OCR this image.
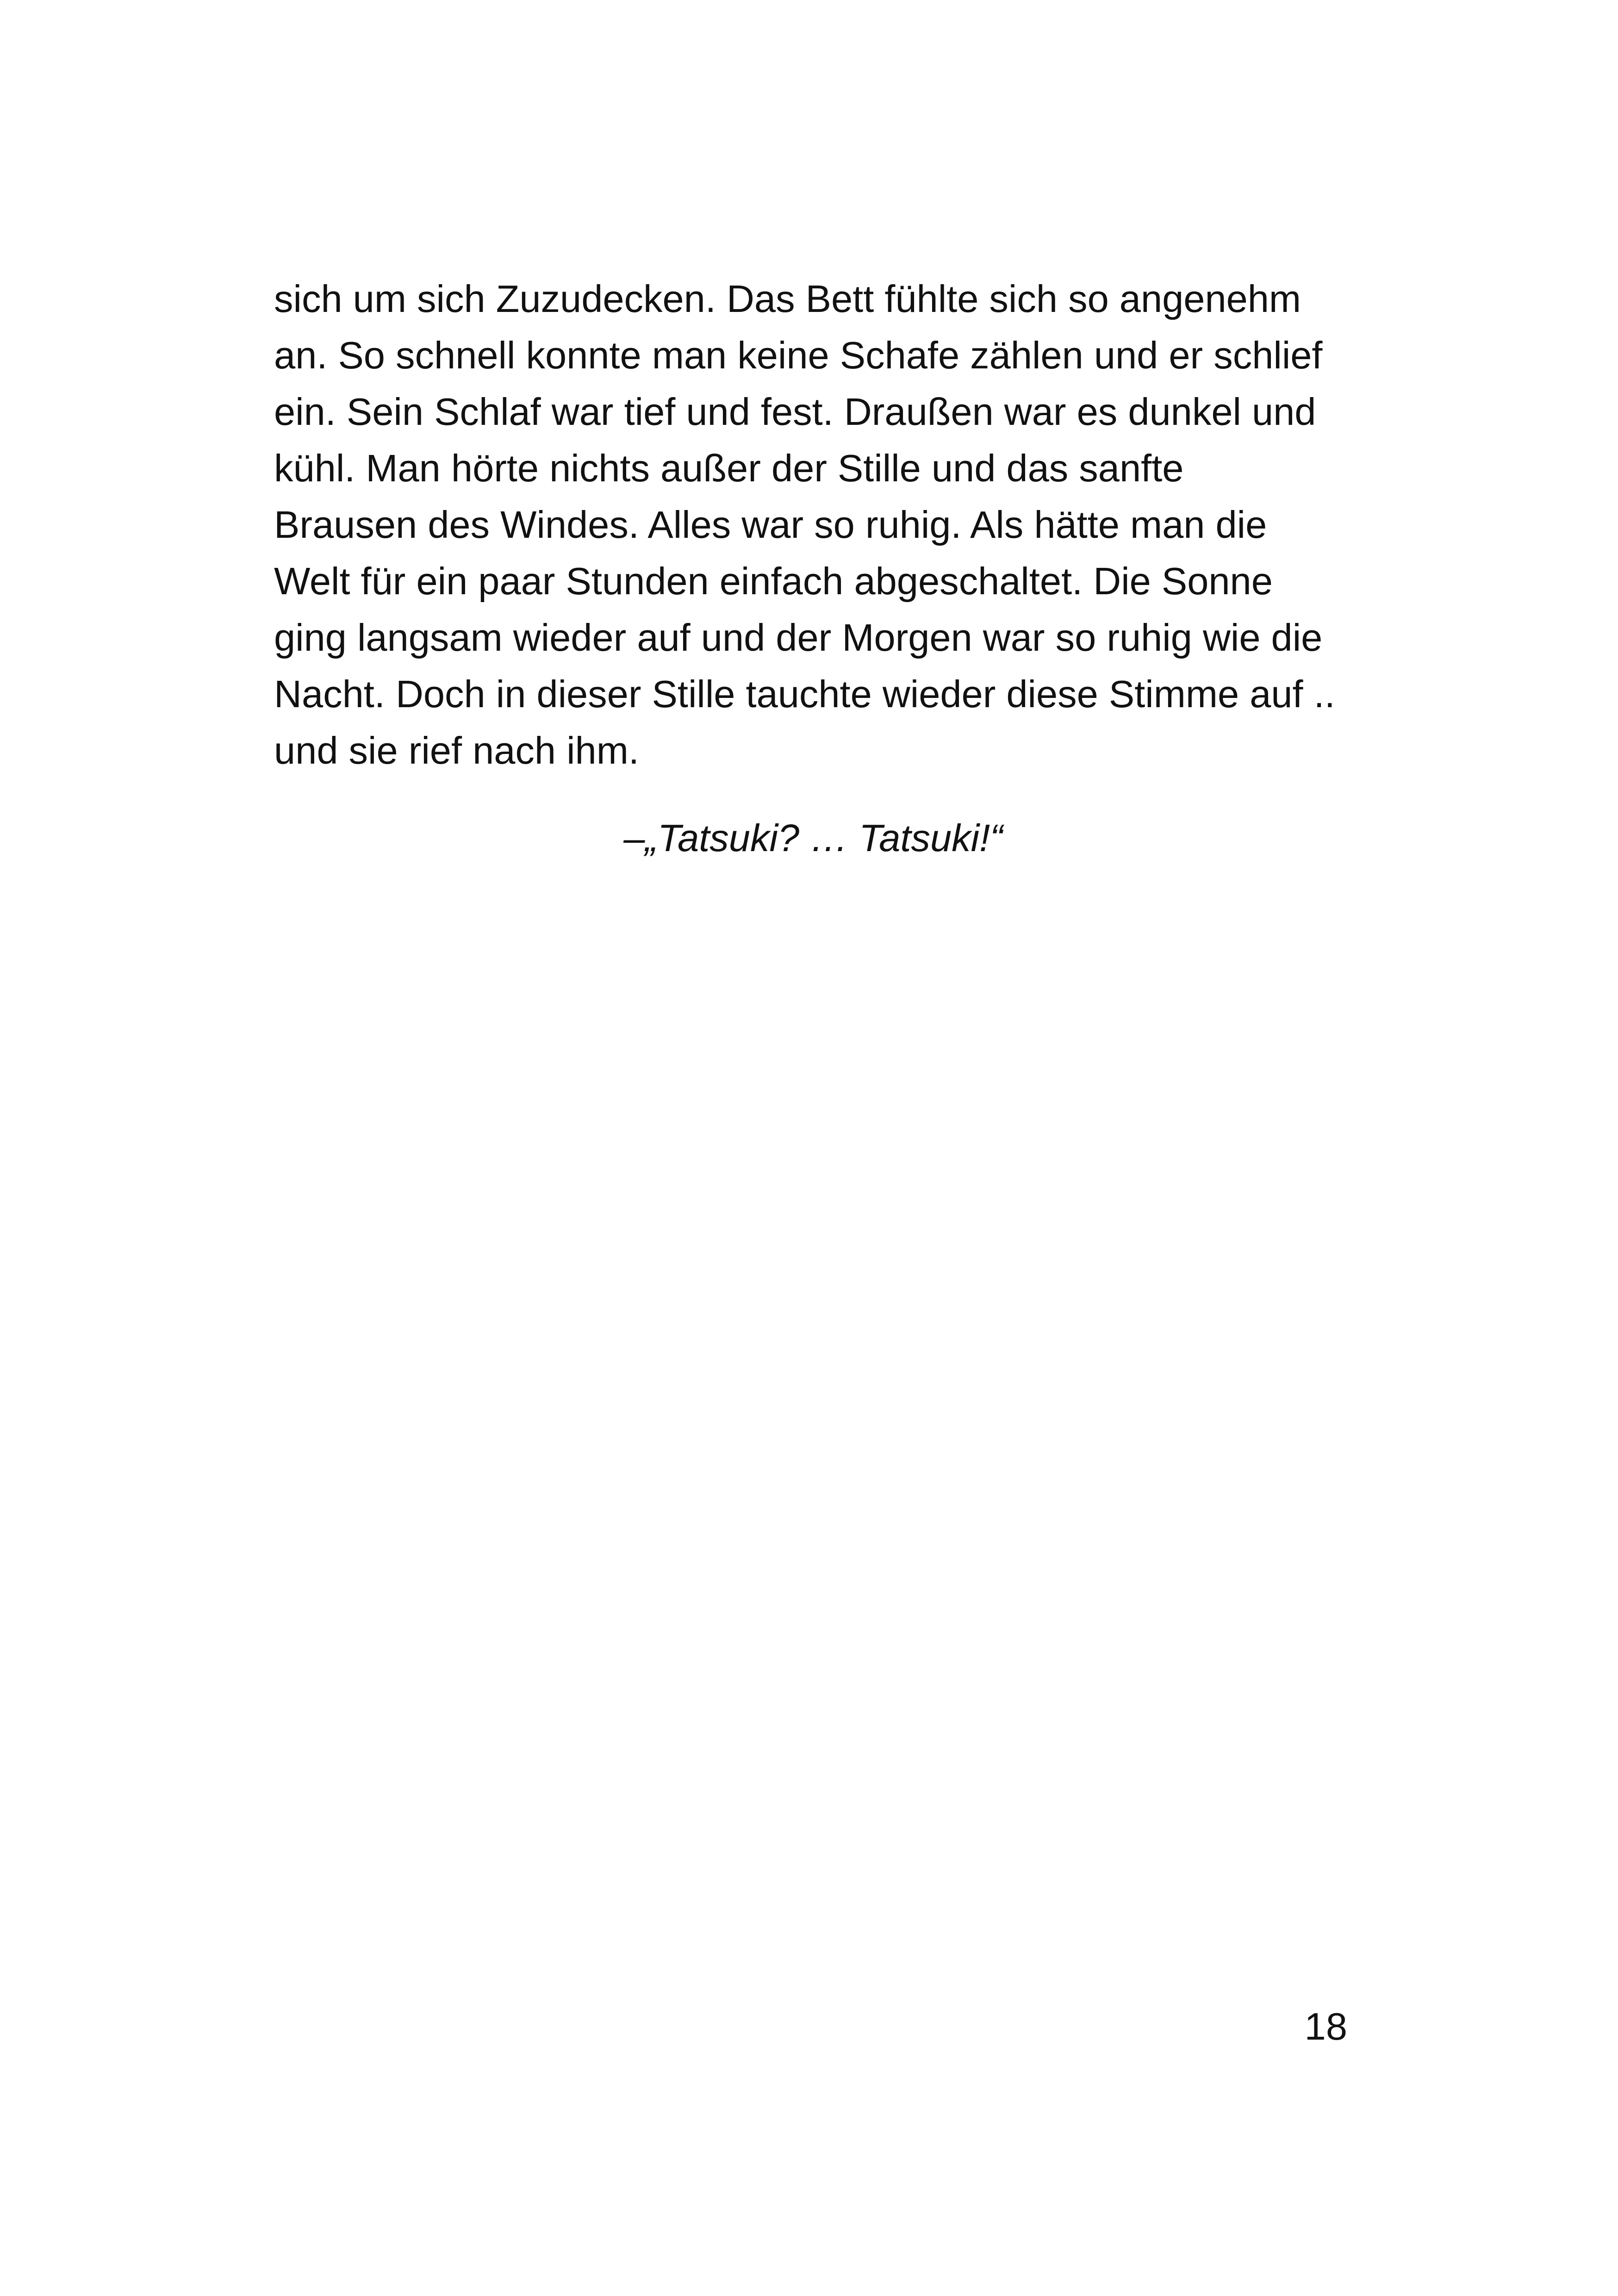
sich um sich Zuzudecken. Das Bett fühlte sich so angenehm
an. So schnell konnte man keine Schafe zählen und er schlief
ein. Sein Schlaf war tief und fest. Draußen war es dunkel und
kühl. Man hörte nichts außer der Stille und das sanfte
Brausen des Windes. Alles war so ruhig. Als hätte man die
Welt für ein paar Stunden einfach abgeschaltet. Die Sonne
ging langsam wieder auf und der Morgen war so ruhig wie die
Nacht. Doch in dieser Stille tauchte wieder diese Stimme auf ..
und sie rief nach ihm.
–„Tatsuki? … Tatsuki!“
18
